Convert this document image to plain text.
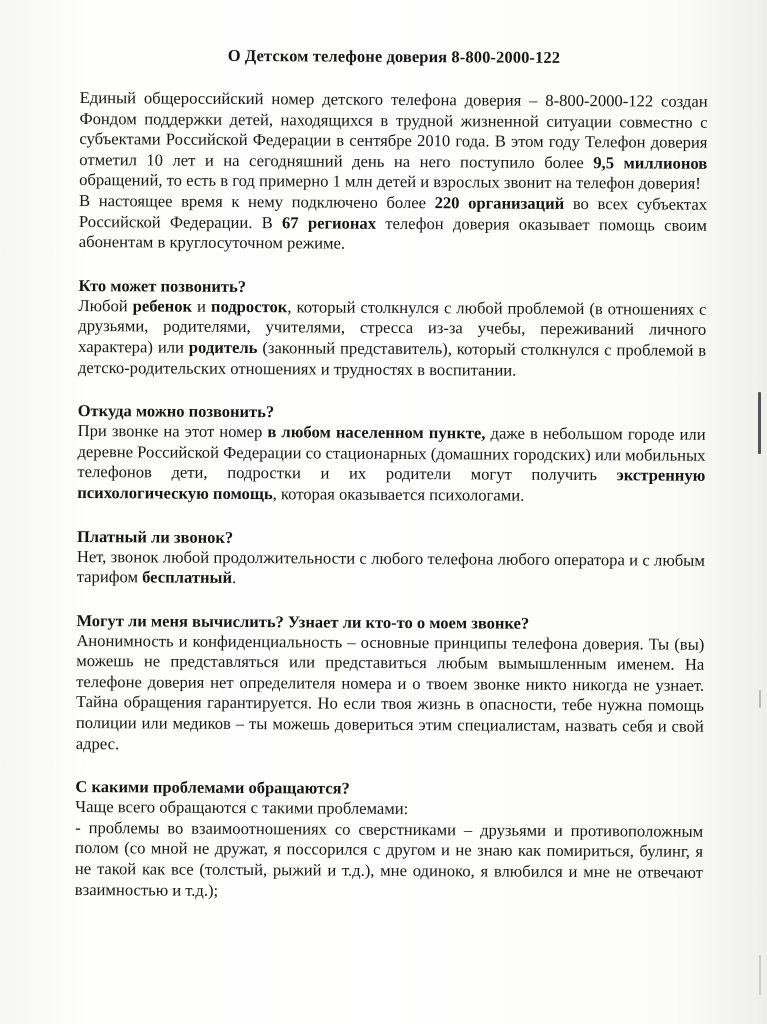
О Детском телефоне доверия 8-800-2000-122

Единый общероссийский номер детского телефона доверия – 8-800-2000-122 создан Фондом поддержки детей, находящихся в трудной жизненной ситуации совместно с субъектами Российской Федерации в сентябре 2010 года. В этом году Телефон доверия отметил 10 лет и на сегодняшний день на него поступило более 9,5 миллионов обращений, то есть в год примерно 1 млн детей и взрослых звонит на телефон доверия!

В настоящее время к нему подключено более 220 организаций во всех субъектах Российской Федерации. В 67 регионах телефон доверия оказывает помощь своим абонентам в круглосуточном режиме.

Кто может позвонить?

Любой ребенок и подросток, который столкнулся с любой проблемой (в отношениях с друзьями, родителями, учителями, стресса из-за учебы, переживаний личного характера) или родитель (законный представитель), который столкнулся с проблемой в детско-родительских отношениях и трудностях в воспитании.

Откуда можно позвонить?

При звонке на этот номер в любом населенном пункте, даже в небольшом городе или деревне Российской Федерации со стационарных (домашних городских) или мобильных телефонов дети, подростки и их родители могут получить экстренную психологическую помощь, которая оказывается психологами.

Платный ли звонок?

Нет, звонок любой продолжительности с любого телефона любого оператора и с любым тарифом бесплатный.

Могут ли меня вычислить? Узнает ли кто-то о моем звонке?

Анонимность и конфиденциальность – основные принципы телефона доверия. Ты (вы) можешь не представляться или представиться любым вымышленным именем. На телефоне доверия нет определителя номера и о твоем звонке никто никогда не узнает. Тайна обращения гарантируется. Но если твоя жизнь в опасности, тебе нужна помощь полиции или медиков – ты можешь довериться этим специалистам, назвать себя и свой адрес.

С какими проблемами обращаются?

Чаще всего обращаются с такими проблемами:

- проблемы во взаимоотношениях со сверстниками – друзьями и противоположным полом (со мной не дружат, я поссорился с другом и не знаю как помириться, булинг, я не такой как все (толстый, рыжий и т.д.), мне одиноко, я влюбился и мне не отвечают взаимностью и т.д.);
